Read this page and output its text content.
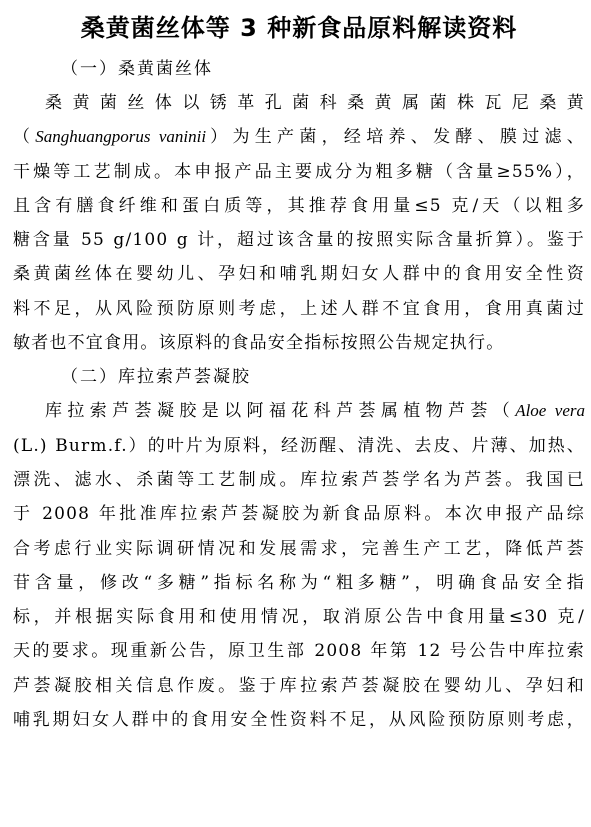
桑黄菌丝体等 3 种新食品原料解读资料
（一）桑黄菌丝体
桑黄菌丝体以锈革孔菌科桑黄属菌株瓦尼桑黄
（Sanghuangporus vaninii）为生产菌，经培养、发酵、膜过滤、
干燥等工艺制成。本申报产品主要成分为粗多糖（含量≥55%），
且含有膳食纤维和蛋白质等，其推荐食用量≤5 克/天（以粗多
糖含量 55 g/100 g 计，超过该含量的按照实际含量折算）。鉴于
桑黄菌丝体在婴幼儿、孕妇和哺乳期妇女人群中的食用安全性资
料不足，从风险预防原则考虑，上述人群不宜食用，食用真菌过
敏者也不宜食用。该原料的食品安全指标按照公告规定执行。
（二）库拉索芦荟凝胶
库拉索芦荟凝胶是以阿福花科芦荟属植物芦荟（Aloe vera
(L.) Burm.f.）的叶片为原料，经沥醒、清洗、去皮、片薄、加热、
漂洗、滤水、杀菌等工艺制成。库拉索芦荟学名为芦荟。我国已
于 2008 年批准库拉索芦荟凝胶为新食品原料。本次申报产品综
合考虑行业实际调研情况和发展需求，完善生产工艺，降低芦荟
苷含量，修改“多糖”指标名称为“粗多糖”，明确食品安全指
标，并根据实际食用和使用情况，取消原公告中食用量≤30 克/
天的要求。现重新公告，原卫生部 2008 年第 12 号公告中库拉索
芦荟凝胶相关信息作废。鉴于库拉索芦荟凝胶在婴幼儿、孕妇和
哺乳期妇女人群中的食用安全性资料不足，从风险预防原则考虑，
